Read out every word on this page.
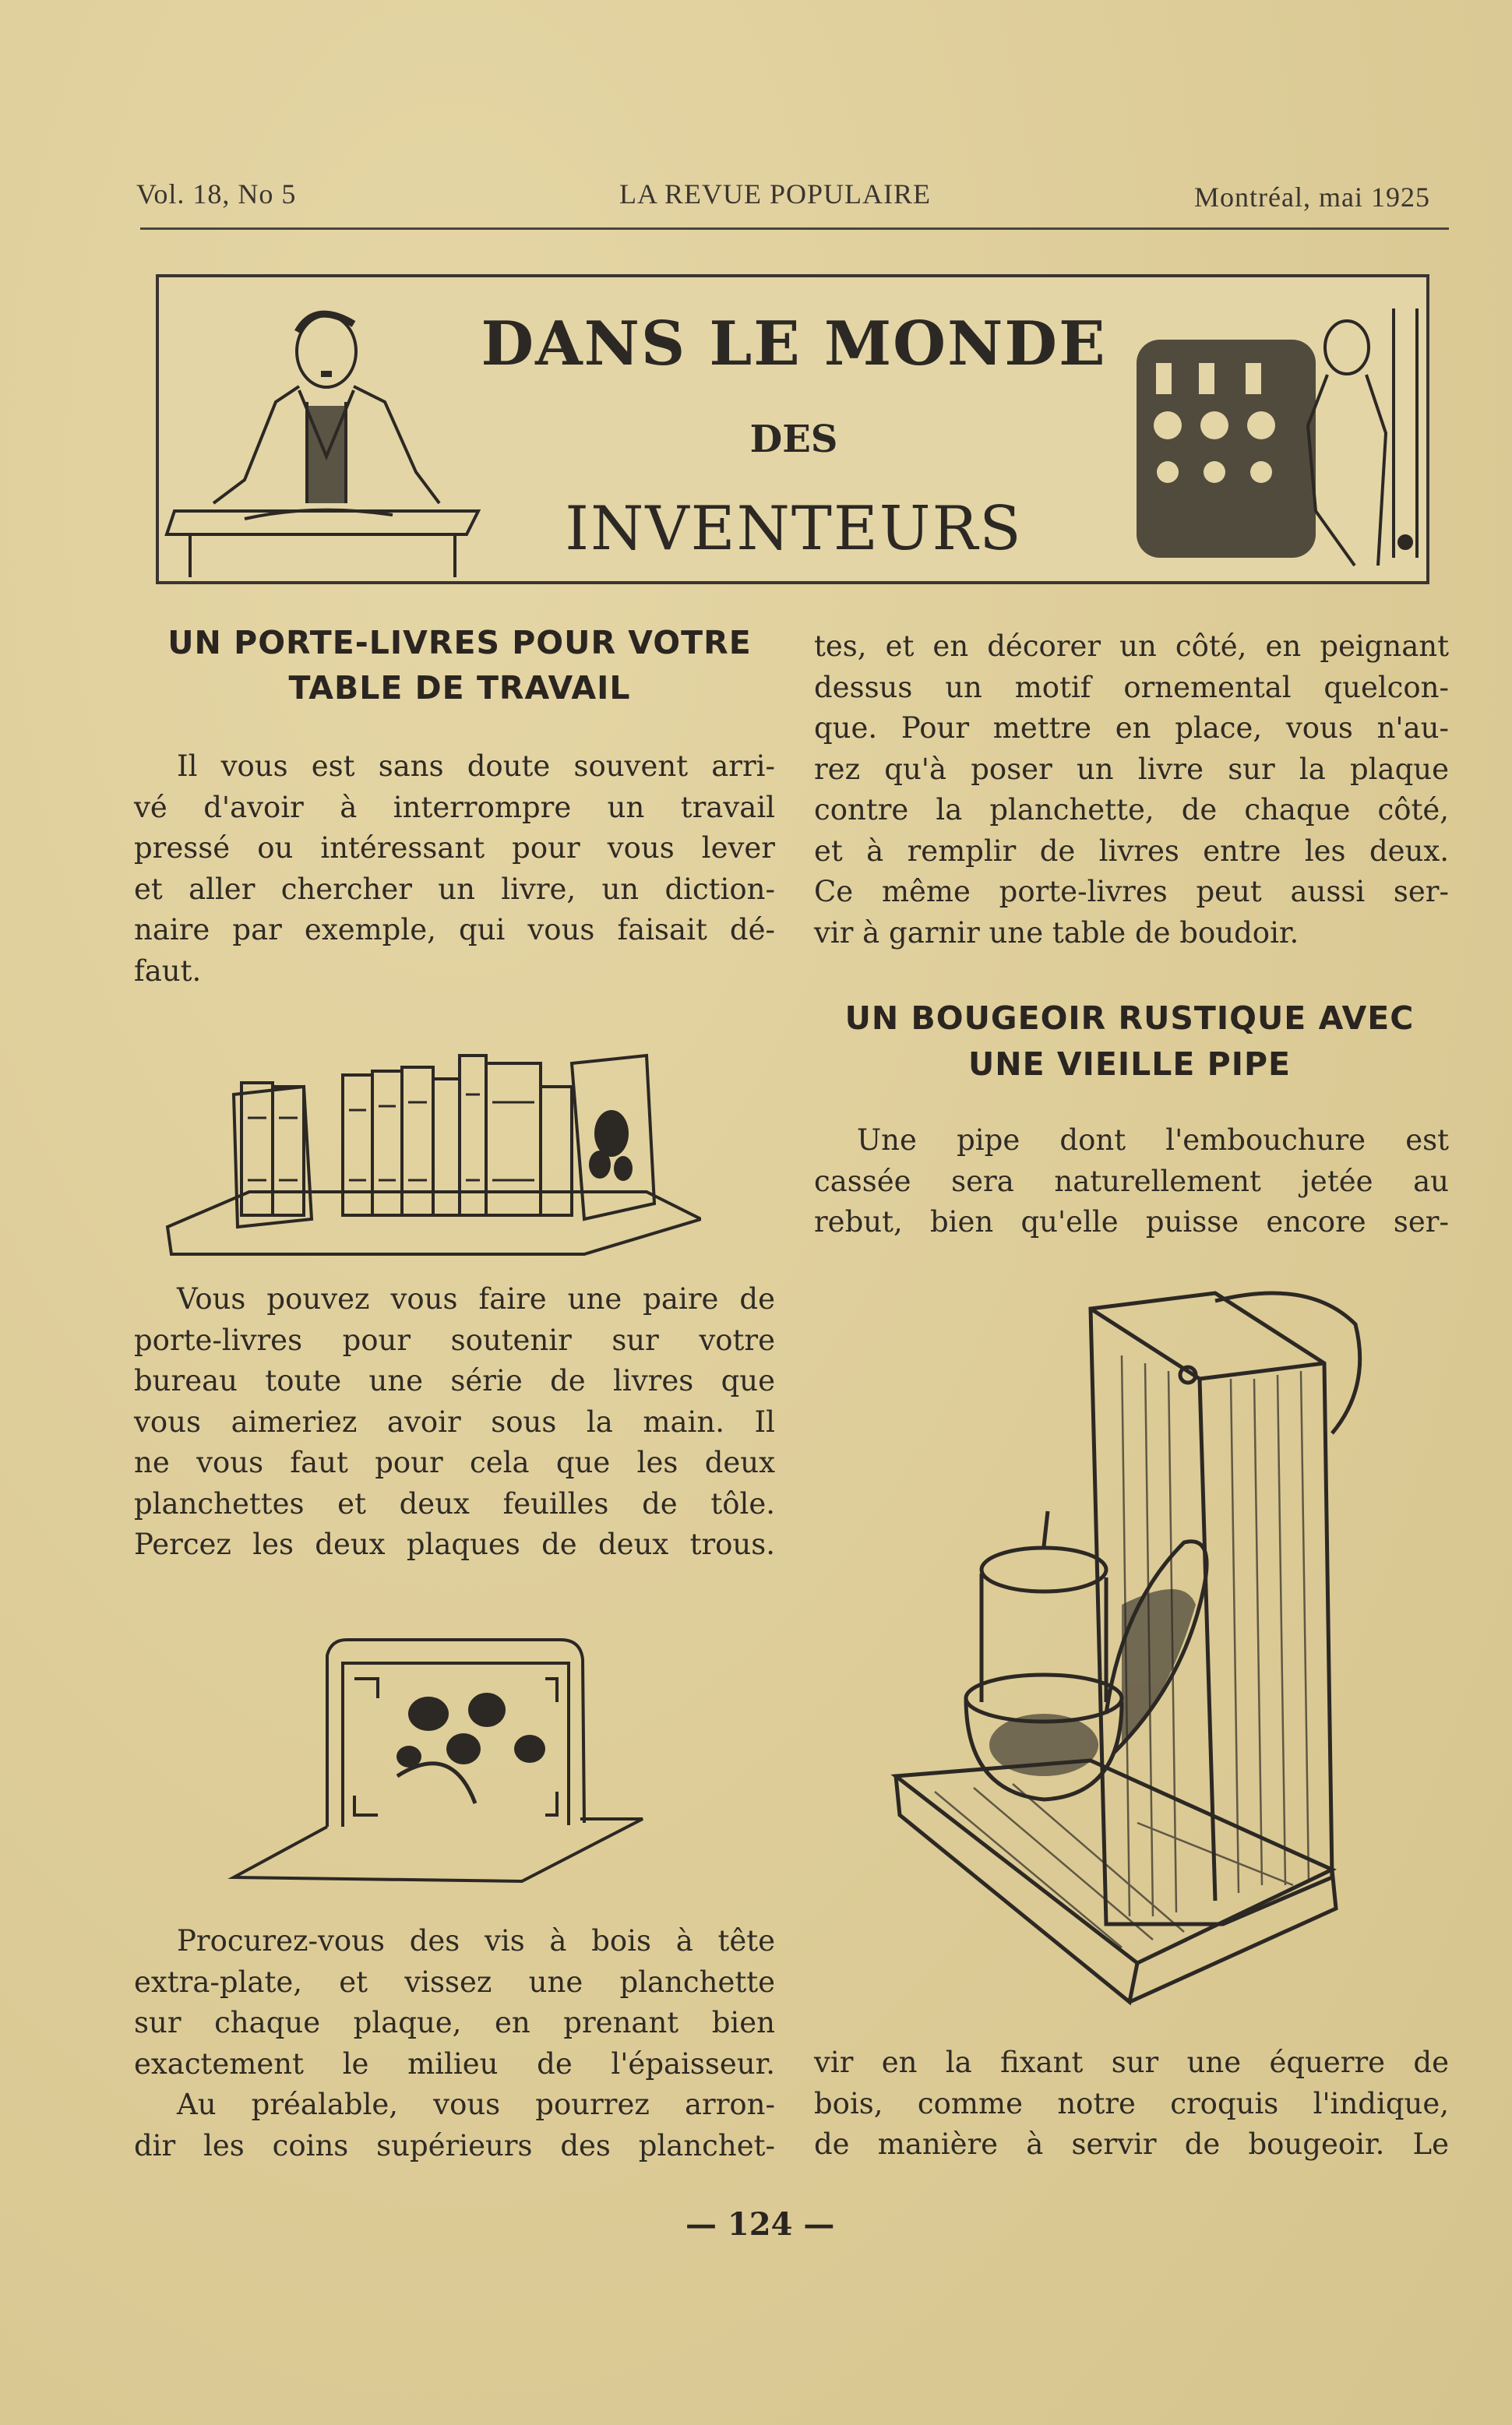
Vol. 18, No 5	LA REVUE POPULAIRE	Montréal, mai 1925
DANS LE MONDE
DES
INVENTEURS
UN PORTE-LIVRES POUR VOTRE
TABLE DE TRAVAIL
Il vous est sans doute souvent arri-
vé d'avoir à interrompre un travail
pressé ou intéressant pour vous lever
et aller chercher un livre, un diction-
naire par exemple, qui vous faisait dé-
faut.
Vous pouvez vous faire une paire de
porte-livres pour soutenir sur votre
bureau toute une série de livres que
vous aimeriez avoir sous la main. Il
ne vous faut pour cela que les deux
planchettes et deux feuilles de tôle.
Percez les deux plaques de deux trous.
Procurez-vous des vis à bois à tête
extra-plate, et vissez une planchette
sur chaque plaque, en prenant bien
exactement le milieu de l'épaisseur.
Au préalable, vous pourrez arron-
dir les coins supérieurs des planchet-
tes, et en décorer un côté, en peignant
dessus un motif ornemental quelcon-
que. Pour mettre en place, vous n'au-
rez qu'à poser un livre sur la plaque
contre la planchette, de chaque côté,
et à remplir de livres entre les deux.
Ce même porte-livres peut aussi ser-
vir à garnir une table de boudoir.
UN BOUGEOIR RUSTIQUE AVEC
UNE VIEILLE PIPE
Une pipe dont l'embouchure est
cassée sera naturellement jetée au
rebut, bien qu'elle puisse encore ser-
vir en la fixant sur une équerre de
bois, comme notre croquis l'indique,
de manière à servir de bougeoir. Le
— 124 —
